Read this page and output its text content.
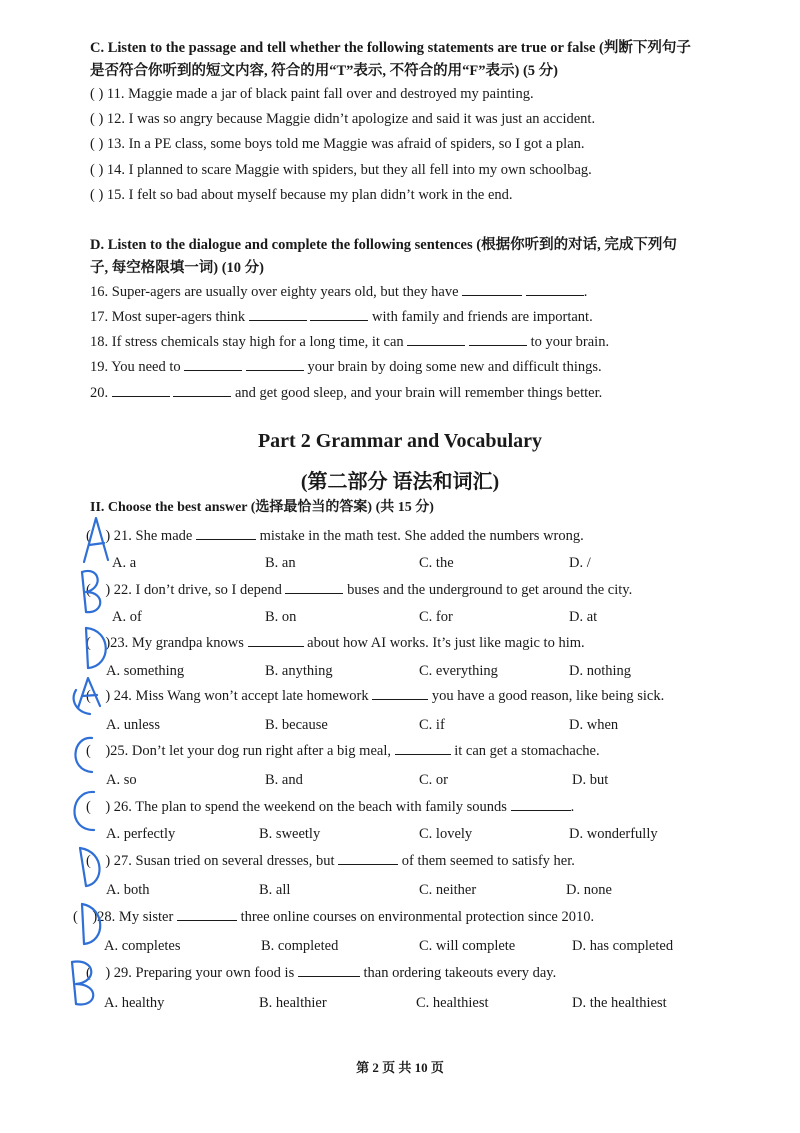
C. Listen to the passage and tell whether the following statements are true or false (判断下列句子
是否符合你听到的短文内容, 符合的用“T”表示, 不符合的用“F”表示) (5 分)
( ) 11. Maggie made a jar of black paint fall over and destroyed my painting.
( ) 12. I was so angry because Maggie didn’t apologize and said it was just an accident.
( ) 13. In a PE class, some boys told me Maggie was afraid of spiders, so I got a plan.
( ) 14. I planned to scare Maggie with spiders, but they all fell into my own schoolbag.
( ) 15. I felt so bad about myself because my plan didn’t work in the end.
D. Listen to the dialogue and complete the following sentences (根据你听到的对话, 完成下列句
子, 每空格限填一词) (10 分)
16. Super-agers are usually over eighty years old, but they have	.
17. Most super-agers think	with family and friends are important.
18. If stress chemicals stay high for a long time, it can	to your brain.
19. You need to	your brain by doing some new and difficult things.
20.	and get good sleep, and your brain will remember things better.
Part 2 Grammar and Vocabulary
(第二部分 语法和词汇)
II. Choose the best answer (选择最恰当的答案) (共 15 分)
(    ) 21. She made	mistake in the math test. She added the numbers wrong.
A. a	B. an	C. the	D. /
(    ) 22. I don’t drive, so I depend	buses and the underground to get around the city.
A. of	B. on	C. for	D. at
(    )23. My grandpa knows	about how AI works. It’s just like magic to him.
A. something	B. anything	C. everything	D. nothing
(    ) 24. Miss Wang won’t accept late homework	you have a good reason, like being sick.
A. unless	B. because	C. if	D. when
(    )25. Don’t let your dog run right after a big meal,	it can get a stomachache.
A. so	B. and	C. or	D. but
(    ) 26. The plan to spend the weekend on the beach with family sounds	.
A. perfectly	B. sweetly	C. lovely	D. wonderfully
(    ) 27. Susan tried on several dresses, but	of them seemed to satisfy her.
A. both	B. all	C. neither	D. none
(    )28. My sister	three online courses on environmental protection since 2010.
A. completes	B. completed	C. will complete	D. has completed
(    ) 29. Preparing your own food is	than ordering takeouts every day.
A. healthy	B. healthier	C. healthiest	D. the healthiest
第 2 页 共 10 页
